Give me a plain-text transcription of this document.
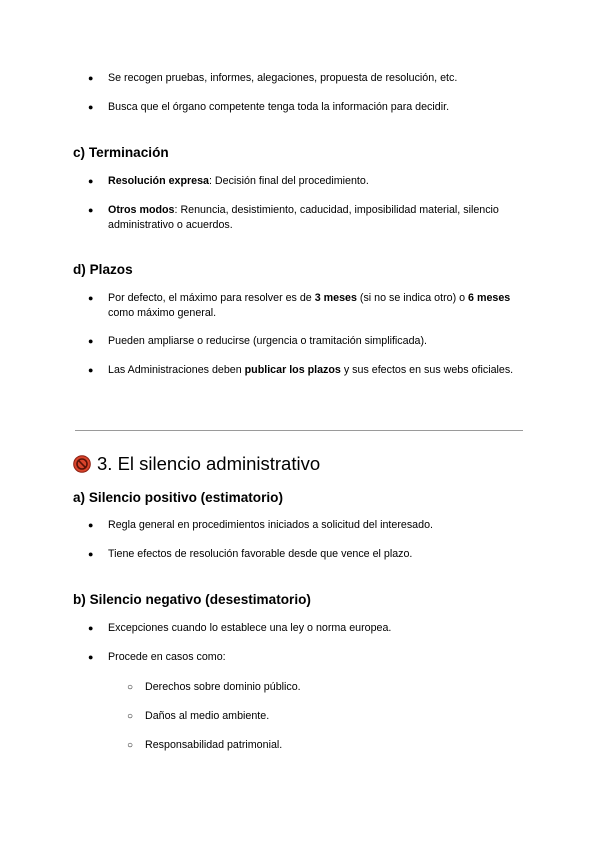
● Se recogen pruebas, informes, alegaciones, propuesta de resolución, etc.
● Busca que el órgano competente tenga toda la información para decidir.
c) Terminación
● Resolución expresa: Decisión final del procedimiento.
● Otros modos: Renuncia, desistimiento, caducidad, imposibilidad material, silencio administrativo o acuerdos.
d) Plazos
● Por defecto, el máximo para resolver es de 3 meses (si no se indica otro) o 6 meses como máximo general.
● Pueden ampliarse o reducirse (urgencia o tramitación simplificada).
● Las Administraciones deben publicar los plazos y sus efectos en sus webs oficiales.
3. El silencio administrativo
a) Silencio positivo (estimatorio)
● Regla general en procedimientos iniciados a solicitud del interesado.
● Tiene efectos de resolución favorable desde que vence el plazo.
b) Silencio negativo (desestimatorio)
● Excepciones cuando lo establece una ley o norma europea.
● Procede en casos como:
○ Derechos sobre dominio público.
○ Daños al medio ambiente.
○ Responsabilidad patrimonial.
